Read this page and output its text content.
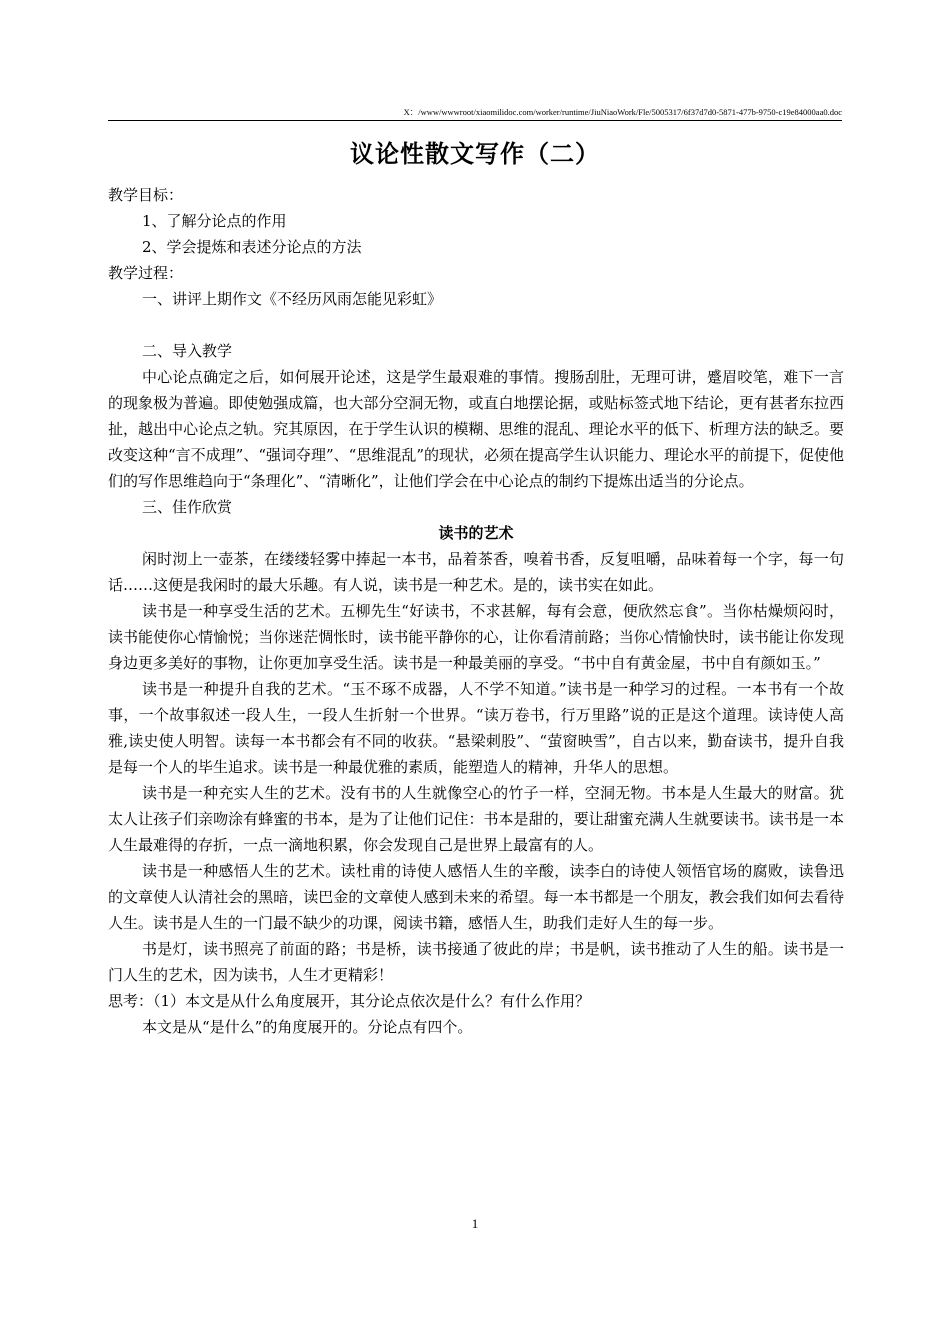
X：/www/wwwroot/xiaomilidoc.com/worker/runtime/JiuNiaoWork/Fle/5005317/6f37d7d0-5871-477b-9750-c19e84000aa0.doc
议论性散文写作（二）
教学目标：
1、了解分论点的作用
2、学会提炼和表述分论点的方法
教学过程：
一、讲评上期作文《不经历风雨怎能见彩虹》
二、导入教学
中心论点确定之后，如何展开论述，这是学生最艰难的事情。搜肠刮肚，无理可讲，蹙眉咬笔，难下一言的现象极为普遍。即使勉强成篇，也大部分空洞无物，或直白地摆论据，或贴标签式地下结论，更有甚者东拉西扯，越出中心论点之轨。究其原因，在于学生认识的模糊、思维的混乱、理论水平的低下、析理方法的缺乏。要改变这种“言不成理”、“强词夺理”、“思维混乱”的现状，必须在提高学生认识能力、理论水平的前提下，促使他们的写作思维趋向于“条理化”、“清晰化”，让他们学会在中心论点的制约下提炼出适当的分论点。
三、佳作欣赏
读书的艺术
闲时沏上一壶茶，在缕缕轻雾中捧起一本书，品着茶香，嗅着书香，反复咀嚼，品味着每一个字，每一句话……这便是我闲时的最大乐趣。有人说，读书是一种艺术。是的，读书实在如此。
读书是一种享受生活的艺术。五柳先生“好读书，不求甚解，每有会意，便欣然忘食”。当你枯燥烦闷时，读书能使你心情愉悦；当你迷茫惆怅时，读书能平静你的心，让你看清前路；当你心情愉快时，读书能让你发现身边更多美好的事物，让你更加享受生活。读书是一种最美丽的享受。“书中自有黄金屋，书中自有颜如玉。”
读书是一种提升自我的艺术。“玉不琢不成器，人不学不知道。”读书是一种学习的过程。一本书有一个故事，一个故事叙述一段人生，一段人生折射一个世界。“读万卷书，行万里路”说的正是这个道理。读诗使人高雅,读史使人明智。读每一本书都会有不同的收获。“悬梁刺股”、“萤窗映雪”，自古以来，勤奋读书，提升自我是每一个人的毕生追求。读书是一种最优雅的素质，能塑造人的精神，升华人的思想。
读书是一种充实人生的艺术。没有书的人生就像空心的竹子一样，空洞无物。书本是人生最大的财富。犹太人让孩子们亲吻涂有蜂蜜的书本，是为了让他们记住：书本是甜的，要让甜蜜充满人生就要读书。读书是一本人生最难得的存折，一点一滴地积累，你会发现自己是世界上最富有的人。
读书是一种感悟人生的艺术。读杜甫的诗使人感悟人生的辛酸，读李白的诗使人领悟官场的腐败，读鲁迅的文章使人认清社会的黑暗，读巴金的文章使人感到未来的希望。每一本书都是一个朋友，教会我们如何去看待人生。读书是人生的一门最不缺少的功课，阅读书籍，感悟人生，助我们走好人生的每一步。
书是灯，读书照亮了前面的路；书是桥，读书接通了彼此的岸；书是帆，读书推动了人生的船。读书是一门人生的艺术，因为读书，人生才更精彩！
思考：（1）本文是从什么角度展开，其分论点依次是什么？有什么作用？
本文是从“是什么”的角度展开的。分论点有四个。
1
